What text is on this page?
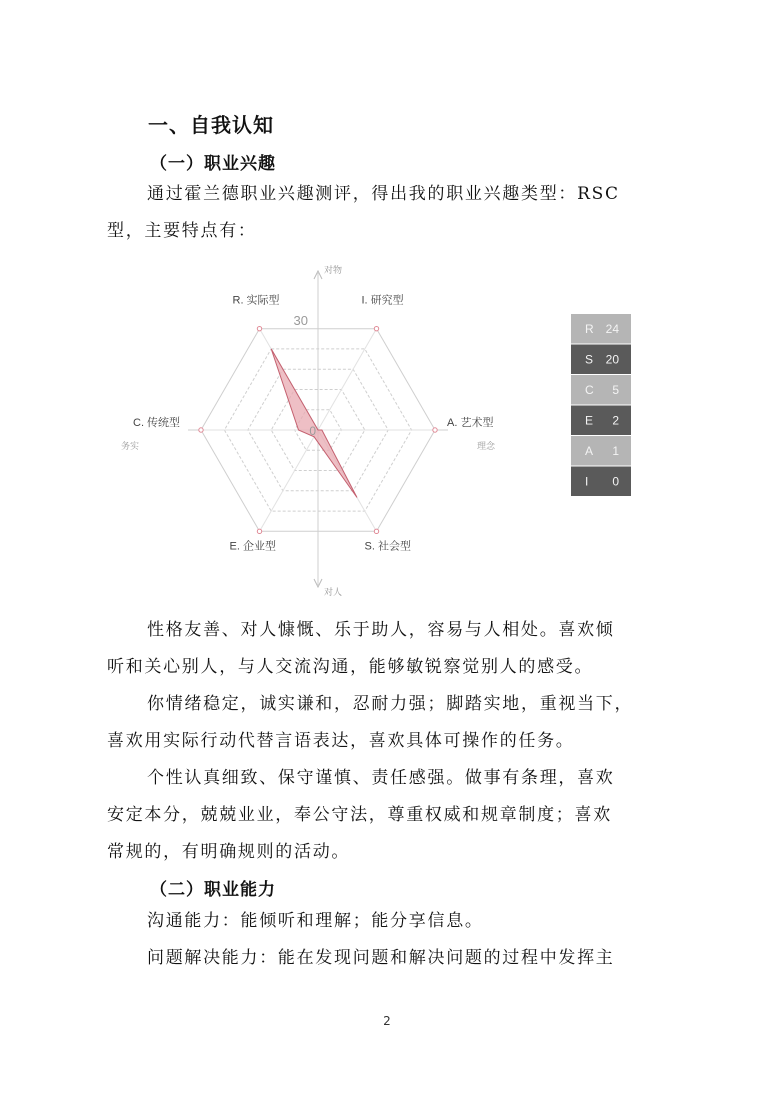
一、自我认知
（一）职业兴趣
通过霍兰德职业兴趣测评，得出我的职业兴趣类型：RSC
型，主要特点有：
30
0
R. 实际型	I. 研究型
A. 艺术型
S. 社会型
E. 企业型
C. 传统型
对物
对人
务实	理念
R 24
S 20
C 5
E 2
A 1
I 0
性格友善、对人慷慨、乐于助人，容易与人相处。喜欢倾
听和关心别人，与人交流沟通，能够敏锐察觉别人的感受。
你情绪稳定，诚实谦和，忍耐力强；脚踏实地，重视当下，
喜欢用实际行动代替言语表达，喜欢具体可操作的任务。
个性认真细致、保守谨慎、责任感强。做事有条理，喜欢
安定本分，兢兢业业，奉公守法，尊重权威和规章制度；喜欢
常规的，有明确规则的活动。
（二）职业能力
沟通能力：能倾听和理解；能分享信息。
问题解决能力：能在发现问题和解决问题的过程中发挥主
2
